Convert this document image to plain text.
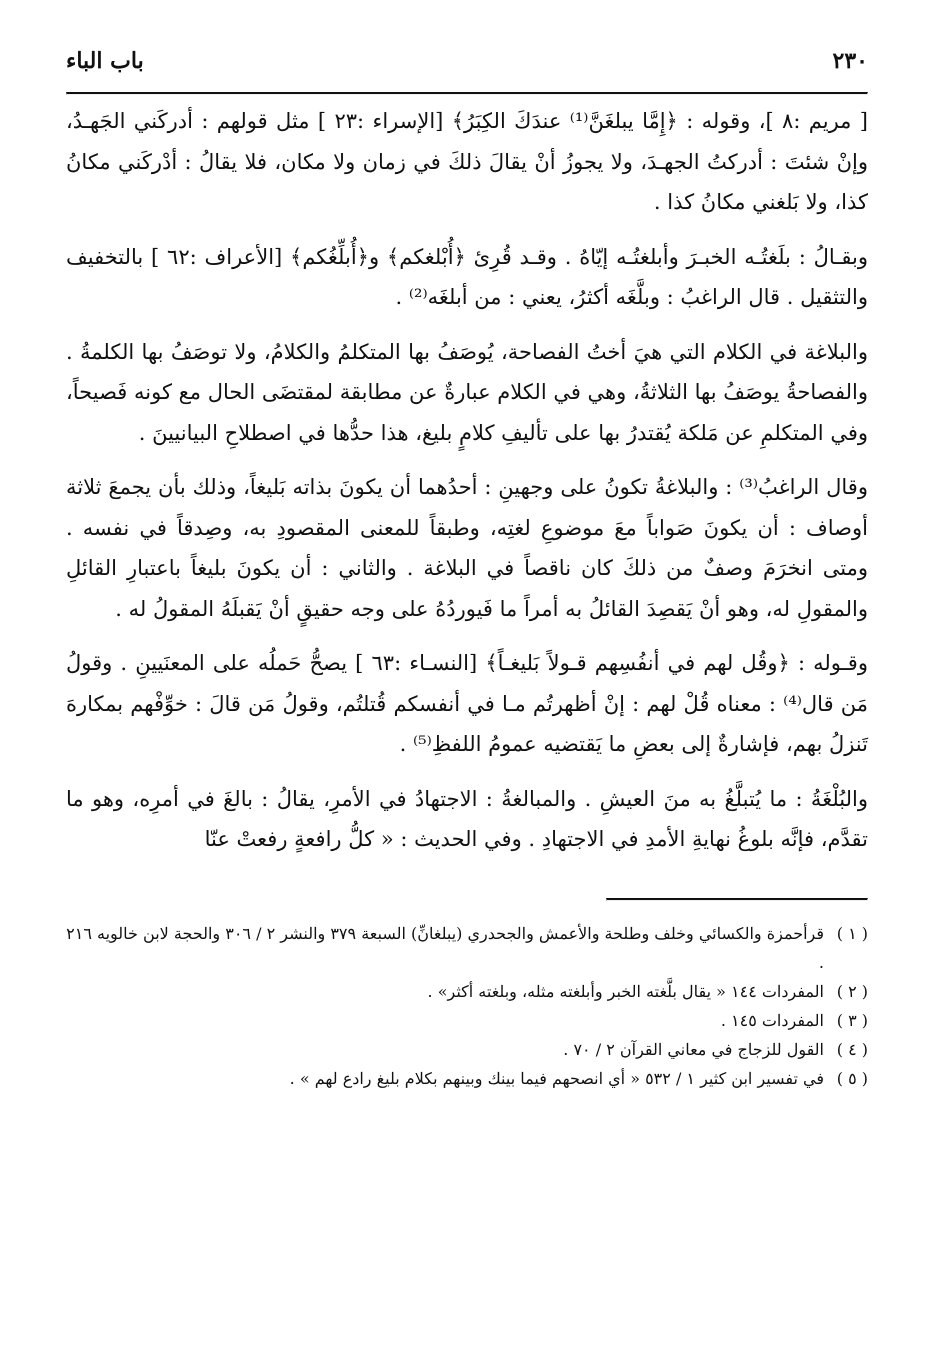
٢٣٠
باب الباء

[ مريم :٨ ]، وقوله : ﴿إِمَّا يبلغَنَّ⁽¹⁾ عندَكَ الكِبَرُ﴾ [الإسراء :٢٣ ] مثل قولهم : أدركَني الجَهـدُ، وإنْ شئتَ : أدركتُ الجهـدَ، ولا يجوزُ أنْ يقالَ ذلكَ في زمان ولا مكان، فلا يقالُ : أدْركَني مكانُ كذا، ولا بَلغني مكانُ كذا .

وبقـالُ : بلَغتُـه الخبـرَ وأبلغتُـه إيّاهُ . وقـد قُرِئ ﴿أُبْلغكم﴾ و﴿أُبلِّغُكم﴾ [الأعراف :٦٢ ] بالتخفيف والتثقيل . قال الراغبُ : وبلَّغَه أكثرُ، يعني : من أبلغَه⁽²⁾ .

والبلاغة في الكلام التي هيَ أختُ الفصاحة، يُوصَفُ بها المتكلمُ والكلامُ، ولا توصَفُ بها الكلمةُ . والفصاحةُ يوصَفُ بها الثلاثةُ، وهي في الكلام عبارةٌ عن مطابقة لمقتضَى الحال مع كونه فَصيحاً، وفي المتكلمِ عن مَلكة يُقتدرُ بها على تأليفِ كلامٍ بليغ، هذا حدُّها في اصطلاحِ البيانيينَ .

وقال الراغبُ⁽³⁾ : والبلاغةُ تكونُ على وجهينِ : أحدُهما أن يكونَ بذاته بَليغاً، وذلك بأن يجمعَ ثلاثة أوصاف : أن يكونَ صَواباً معَ موضوعِ لغتِه، وطبقاً للمعنى المقصودِ به، وصِدقاً في نفسه . ومتى انخرَمَ وصفٌ من ذلكَ كان ناقصاً في البلاغة . والثاني : أن يكونَ بليغاً باعتبارِ القائلِ والمقولِ له، وهو أنْ يَقصِدَ القائلُ به أمراً ما فَيوردُهُ على وجه حقيقٍ أنْ يَقبلَهُ المقولُ له .

وقـوله : ﴿وقُل لهم في أنفُسِهم قـولاً بَليغـاً﴾ [النسـاء :٦٣ ] يصحُّ حَملُه على المعنَيينِ . وقولُ مَن قال⁽⁴⁾ : معناه قُلْ لهم : إنْ أظهرتُم مـا في أنفسكم قُتلتُم، وقولُ مَن قالَ : خوِّفْهم بمكارهَ تَنزلُ بهم، فإشارةٌ إلى بعضِ ما يَقتضيه عمومُ اللفظِ⁽⁵⁾ .

والبُلْغَةُ : ما يُتبلَّغُ به منَ العيشِ . والمبالغةُ : الاجتهادُ في الأمرِ، يقالُ : بالغَ في أمرِه، وهو ما تقدَّم، فإنَّه بلوغُ نهايةِ الأمدِ في الاجتهادِ . وفي الحديث : « كلُّ رافعةٍ رفعتْ عنّا

( ١ )
قرأحمزة والكسائي وخلف وطلحة والأعمش والجحدري (يبلغانِّ) السبعة ٣٧٩ والنشر ٢ / ٣٠٦ والحجة لابن خالويه ٢١٦ .

( ٢ )
المفردات ١٤٤ « يقال بلَّغته الخبر وأبلغته مثله، وبلغته أكثر» .

( ٣ )
المفردات ١٤٥ .

( ٤ )
القول للزجاج في معاني القرآن ٢ / ٧٠ .

( ٥ )
في تفسير ابن كثير ١ / ٥٣٢ « أي انصحهم فيما بينك وبينهم بكلام بليغ رادع لهم » .
